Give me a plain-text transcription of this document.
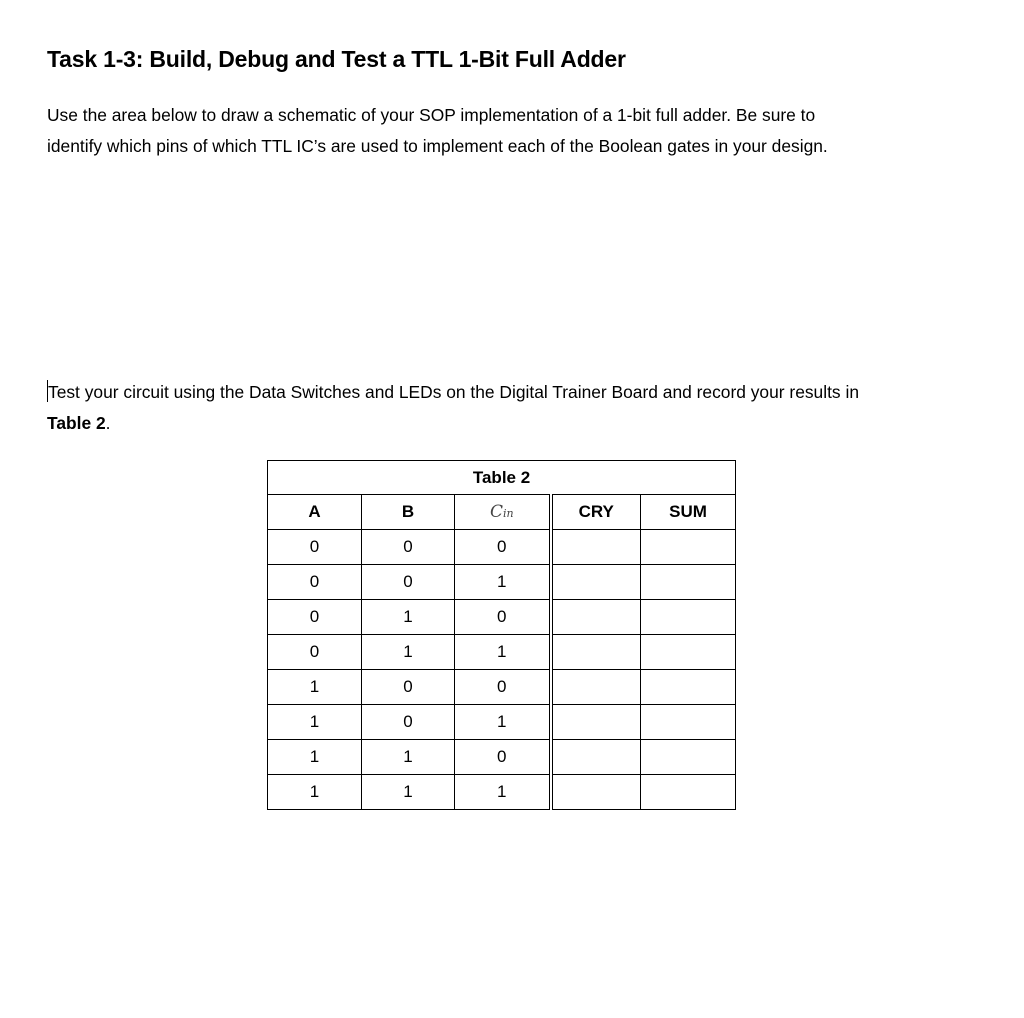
Task 1-3: Build, Debug and Test a TTL 1-Bit Full Adder
Use the area below to draw a schematic of your SOP implementation of a 1-bit full adder. Be sure to
identify which pins of which TTL IC’s are used to implement each of the Boolean gates in your design.
Test your circuit using the Data Switches and LEDs on the Digital Trainer Board and record your results in
Table 2.
Table 2				
A	B	Cin	CRY	SUM
0	0	0		
0	0	1		
0	1	0		
0	1	1		
1	0	0		
1	0	1		
1	1	0		
1	1	1		
